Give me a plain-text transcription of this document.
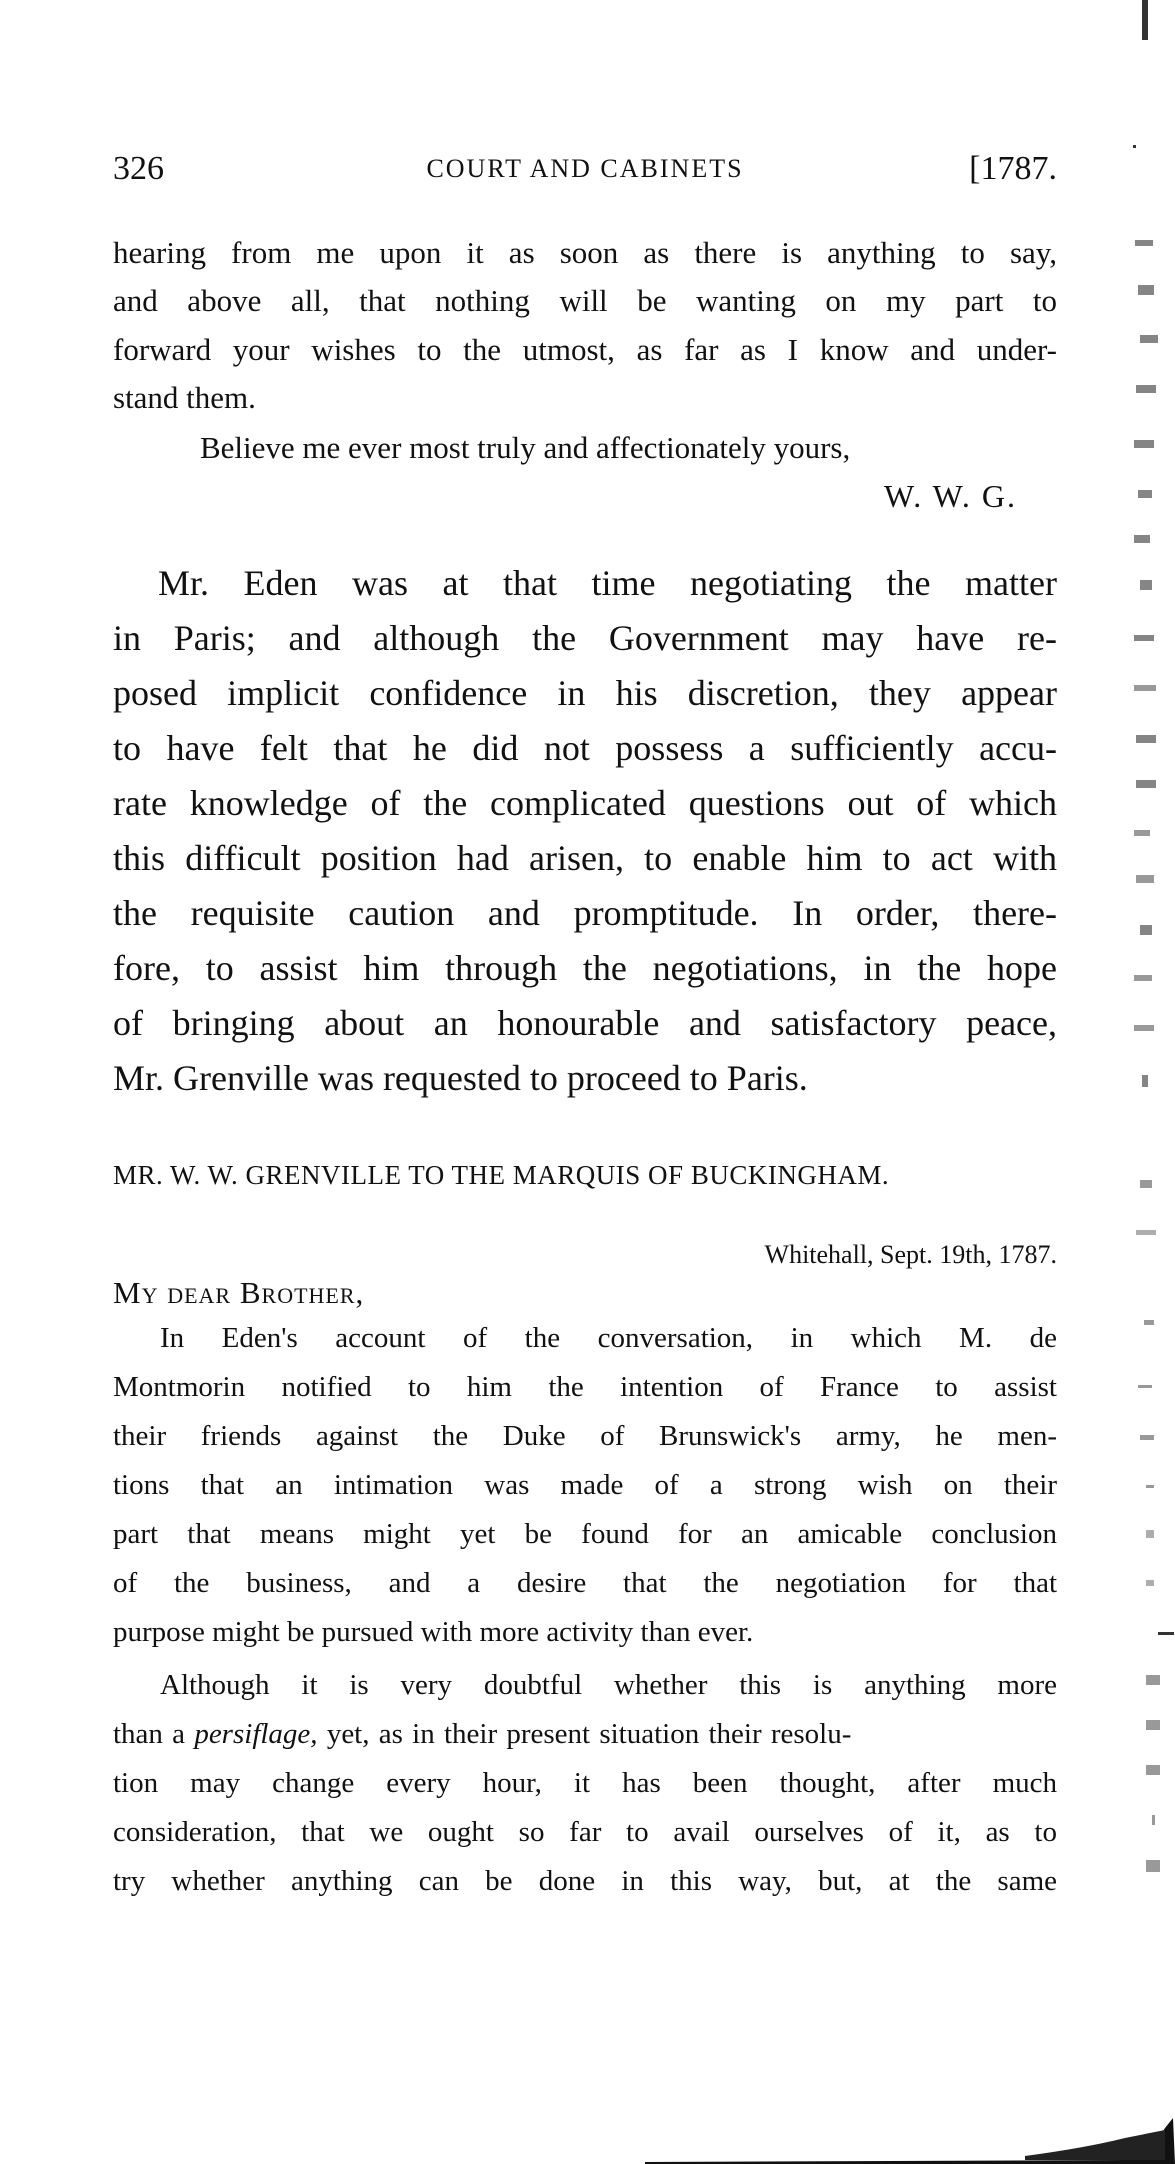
326	COURT AND CABINETS	[1787.
hearing from me upon it as soon as there is anything to say,
and above all, that nothing will be wanting on my part to
forward your wishes to the utmost, as far as I know and under-
stand them.
Believe me ever most truly and affectionately yours,
W. W. G.
Mr. Eden was at that time negotiating the matter
in Paris; and although the Government may have re-
posed implicit confidence in his discretion, they appear
to have felt that he did not possess a sufficiently accu-
rate knowledge of the complicated questions out of which
this difficult position had arisen, to enable him to act with
the requisite caution and promptitude. In order, there-
fore, to assist him through the negotiations, in the hope
of bringing about an honourable and satisfactory peace,
Mr. Grenville was requested to proceed to Paris.
MR. W. W. GRENVILLE TO THE MARQUIS OF BUCKINGHAM.
Whitehall, Sept. 19th, 1787.
My dear Brother,
In Eden's account of the conversation, in which M. de
Montmorin notified to him the intention of France to assist
their friends against the Duke of Brunswick's army, he men-
tions that an intimation was made of a strong wish on their
part that means might yet be found for an amicable conclusion
of the business, and a desire that the negotiation for that
purpose might be pursued with more activity than ever.
Although it is very doubtful whether this is anything more
than a persiflage, yet, as in their present situation their resolu-
tion may change every hour, it has been thought, after much
consideration, that we ought so far to avail ourselves of it, as to
try whether anything can be done in this way, but, at the same
